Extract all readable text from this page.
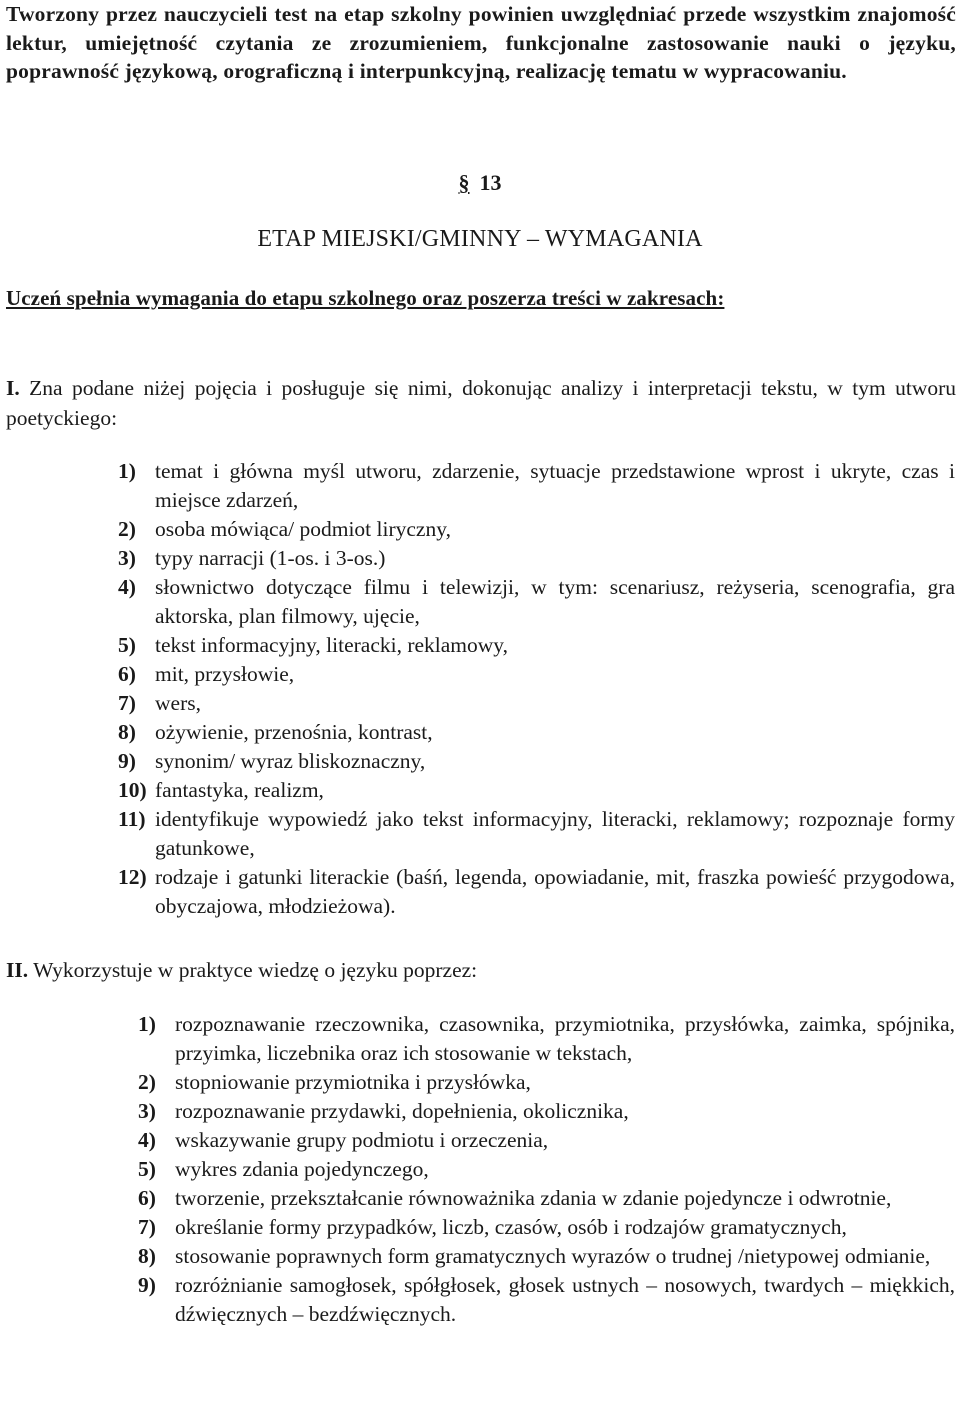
Tworzony przez nauczycieli test na etap szkolny powinien uwzględniać przede wszystkim znajomość lektur, umiejętność czytania ze zrozumieniem, funkcjonalne zastosowanie nauki o języku, poprawność językową, orograficzną i interpunkcyjną, realizację tematu w wypracowaniu.
§ 13
ETAP MIEJSKI/GMINNY – WYMAGANIA
Uczeń spełnia wymagania do etapu szkolnego oraz poszerza treści w zakresach:
I. Zna podane niżej pojęcia i posługuje się nimi, dokonując analizy i interpretacji tekstu, w tym utworu poetyckiego:
1) temat i główna myśl utworu, zdarzenie, sytuacje przedstawione wprost i ukryte, czas i miejsce zdarzeń,
2) osoba mówiąca/ podmiot liryczny,
3) typy narracji (1-os. i 3-os.)
4) słownictwo dotyczące filmu i telewizji, w tym: scenariusz, reżyseria, scenografia, gra aktorska, plan filmowy, ujęcie,
5) tekst informacyjny, literacki, reklamowy,
6) mit, przysłowie,
7) wers,
8) ożywienie, przenośnia, kontrast,
9) synonim/ wyraz bliskoznaczny,
10) fantastyka, realizm,
11) identyfikuje wypowiedź jako tekst informacyjny, literacki, reklamowy; rozpoznaje formy gatunkowe,
12) rodzaje i gatunki literackie (baśń, legenda, opowiadanie, mit, fraszka powieść przygodowa, obyczajowa, młodzieżowa).
II. Wykorzystuje w praktyce wiedzę o języku poprzez:
1) rozpoznawanie rzeczownika, czasownika, przymiotnika, przysłówka, zaimka, spójnika, przyimka, liczebnika oraz ich stosowanie w tekstach,
2) stopniowanie przymiotnika i przysłówka,
3) rozpoznawanie przydawki, dopełnienia, okolicznika,
4) wskazywanie grupy podmiotu i orzeczenia,
5) wykres zdania pojedynczego,
6) tworzenie, przekształcanie równoważnika zdania w zdanie pojedyncze i odwrotnie,
7) określanie formy przypadków, liczb, czasów, osób i rodzajów gramatycznych,
8) stosowanie poprawnych form gramatycznych wyrazów o trudnej /nietypowej odmianie,
9) rozróżnianie samogłosek, spółgłosek, głosek ustnych – nosowych, twardych – miękkich, dźwięcznych – bezdźwięcznych.
